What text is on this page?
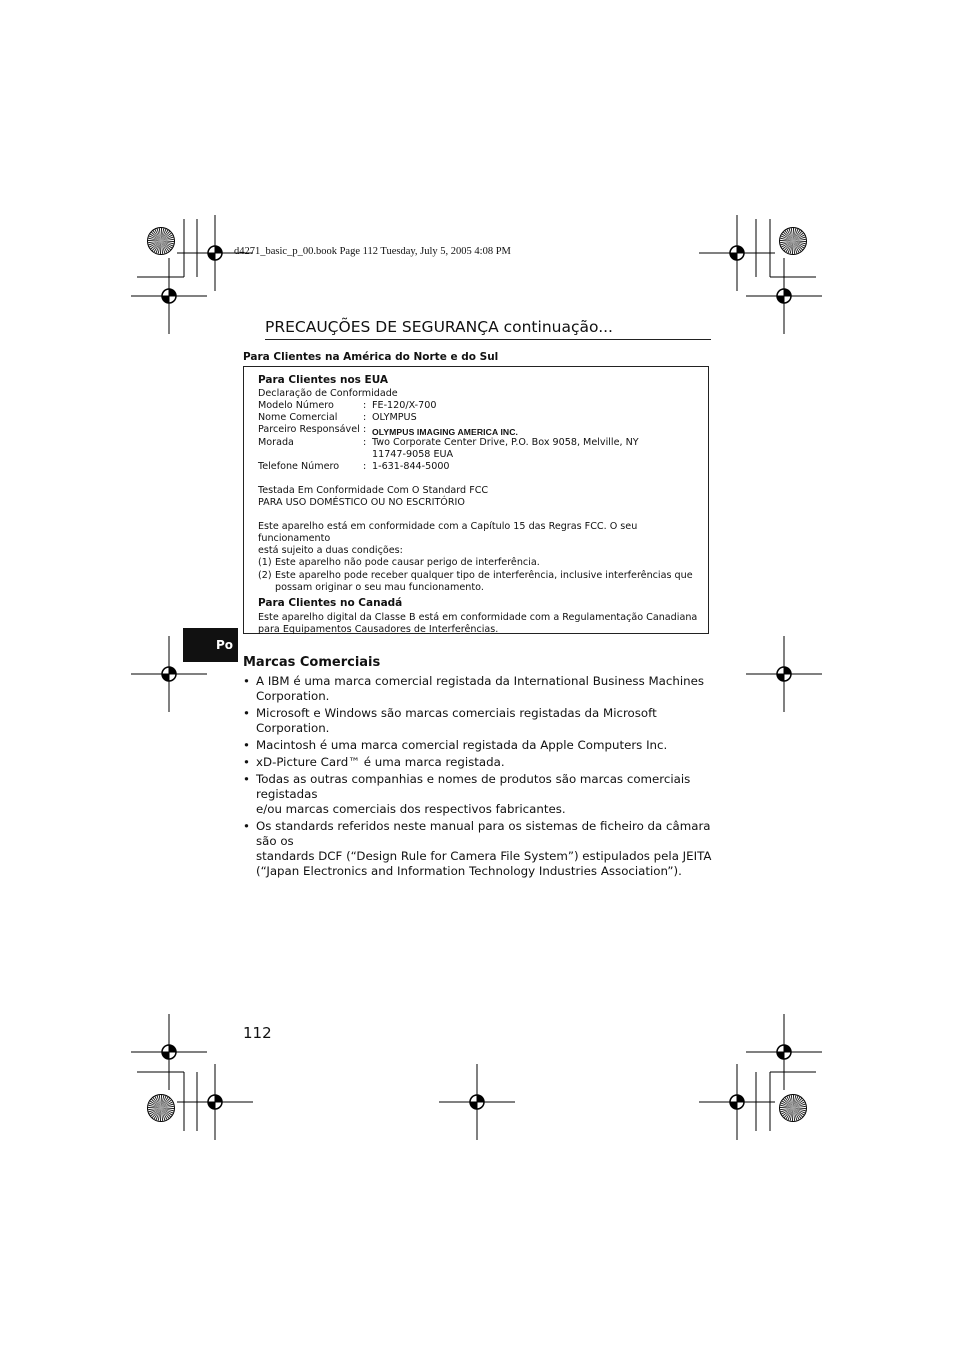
d4271_basic_p_00.book Page 112 Tuesday, July 5, 2005 4:08 PM
PRECAUÇÕES DE SEGURANÇA continuação...
Para Clientes na América do Norte e do Sul

Para Clientes nos EUA

Declaração de Conformidade

Modelo Número	: FE-120/X-700
Nome Comercial	: OLYMPUS
Parceiro Responsável : OLYMPUS IMAGING AMERICA INC.
Morada	: Two Corporate Center Drive, P.O. Box 9058, Melville, NY
11747-9058 EUA
Telefone Número	: 1-631-844-5000

Testada Em Conformidade Com O Standard FCC

PARA USO DOMÉSTICO OU NO ESCRITÓRIO

Este aparelho está em conformidade com a Capítulo 15 das Regras FCC. O seu funcionamento

está sujeito a duas condições:

(1) Este aparelho não pode causar perigo de interferência.
(2) Este aparelho pode receber qualquer tipo de interferência, inclusive interferências que
possam originar o seu mau funcionamento.

Para Clientes no Canadá

Este aparelho digital da Classe B está em conformidade com a Regulamentação Canadiana

para Equipamentos Causadores de Interferências.

Po
Marcas Comerciais
• A IBM é uma marca comercial registada da International Business Machines
Corporation.
• Microsoft e Windows são marcas comerciais registadas da Microsoft Corporation.
• Macintosh é uma marca comercial registada da Apple Computers Inc.
• xD-Picture Card™ é uma marca registada.
• Todas as outras companhias e nomes de produtos são marcas comerciais registadas
e/ou marcas comerciais dos respectivos fabricantes.
• Os standards referidos neste manual para os sistemas de ficheiro da câmara são os
standards DCF (“Design Rule for Camera File System”) estipulados pela JEITA
(“Japan Electronics and Information Technology Industries Association”).
112
